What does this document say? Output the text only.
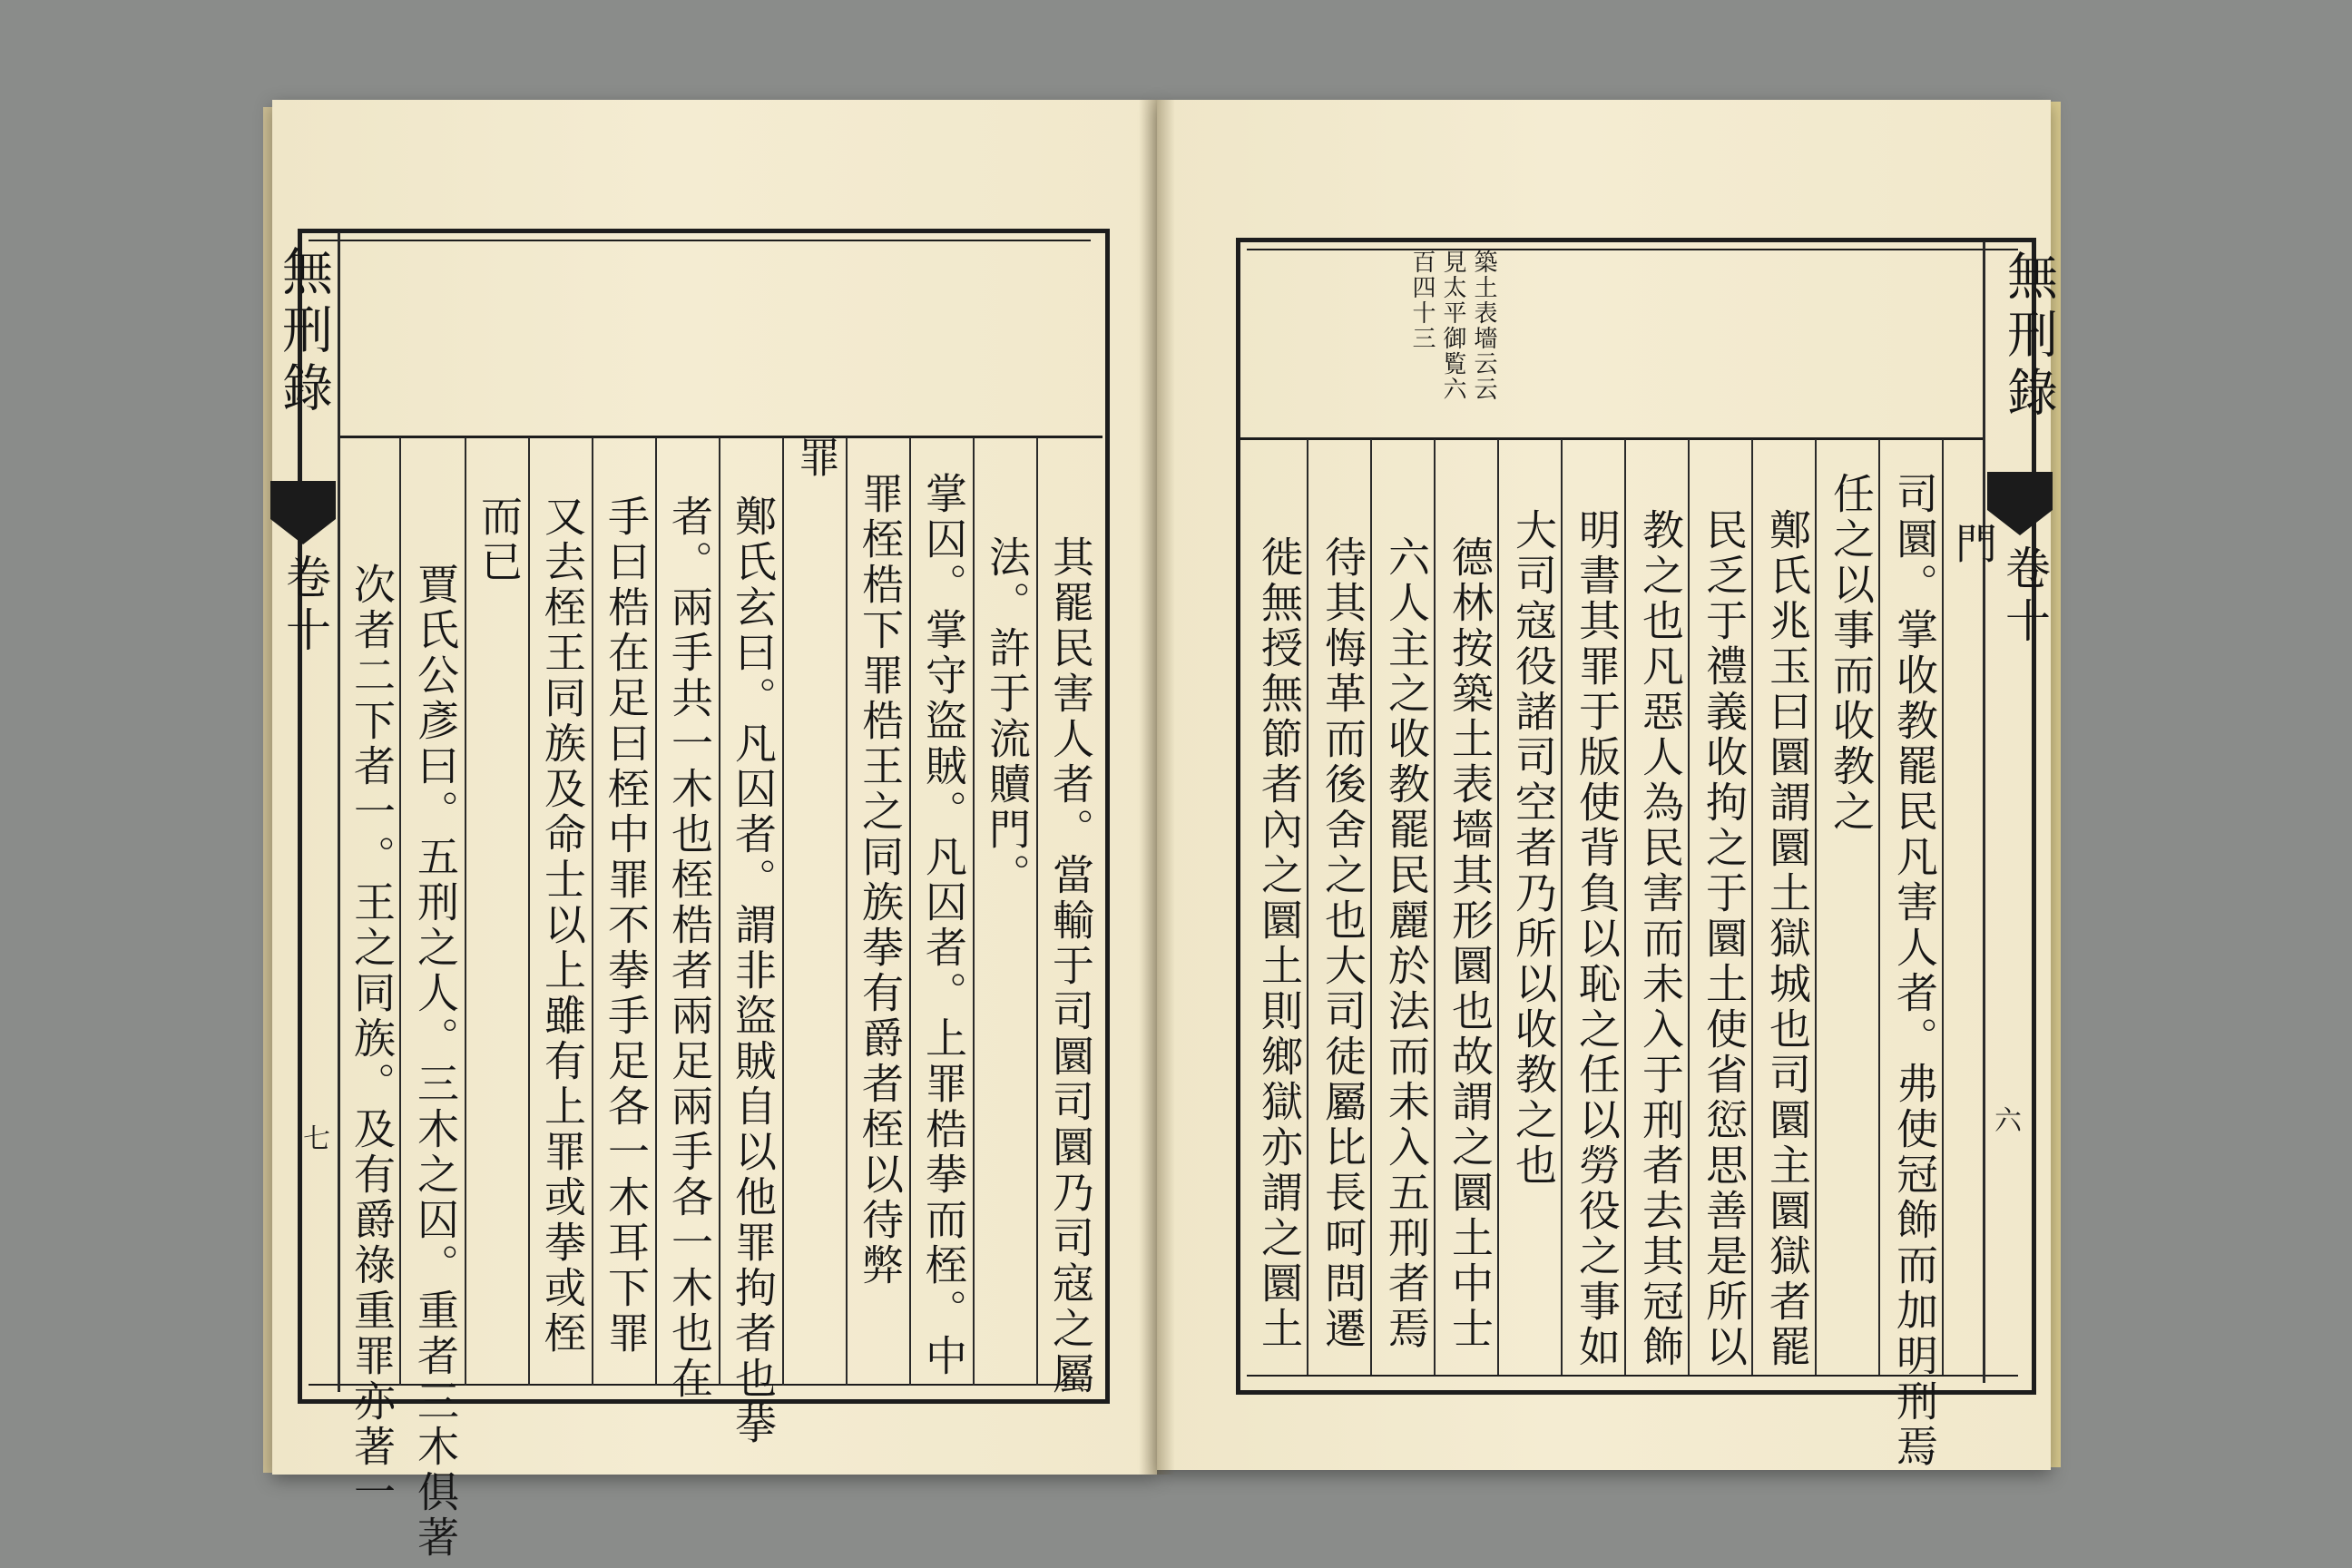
無刑錄
卷十
七	其罷民害人者。當輸于司圜司圜乃司寇之屬
法。許于流贖門。
掌囚。掌守盜賊。凡囚者。上罪梏拲而桎。中
罪桎梏下罪梏王之同族拲有爵者桎以待弊
罪
鄭氏玄曰。凡囚者。謂非盜賊自以他罪拘者也拲
者。兩手共一木也桎梏者兩足兩手各一木也在
手曰梏在足曰桎中罪不拲手足各一木耳下罪
又去桎王同族及命士以上雖有上罪或拲或桎
而已
賈氏公彥曰。五刑之人。三木之囚。重者三木俱著
次者二下者一。王之同族。及有爵祿重罪亦著一
無刑錄
卷十
六
築土表墻云云
見太平御覧六
百四十三
門
司圜。掌收教罷民凡害人者。弗使冠飾而加明刑焉
任之以事而收教之
鄭氏兆玉曰圜謂圜土獄城也司圜主圜獄者罷
民乏于禮義收拘之于圜土使省愆思善是所以
教之也凡惡人為民害而未入于刑者去其冠飾
明書其罪于版使背負以恥之任以勞役之事如
大司寇役諸司空者乃所以收教之也
德林按築土表墻其形圜也故謂之圜土中士
六人主之收教罷民麗於法而未入五刑者焉
待其悔革而後舍之也大司徒屬比長呵問遷
徙無授無節者內之圜土則鄉獄亦謂之圜土
